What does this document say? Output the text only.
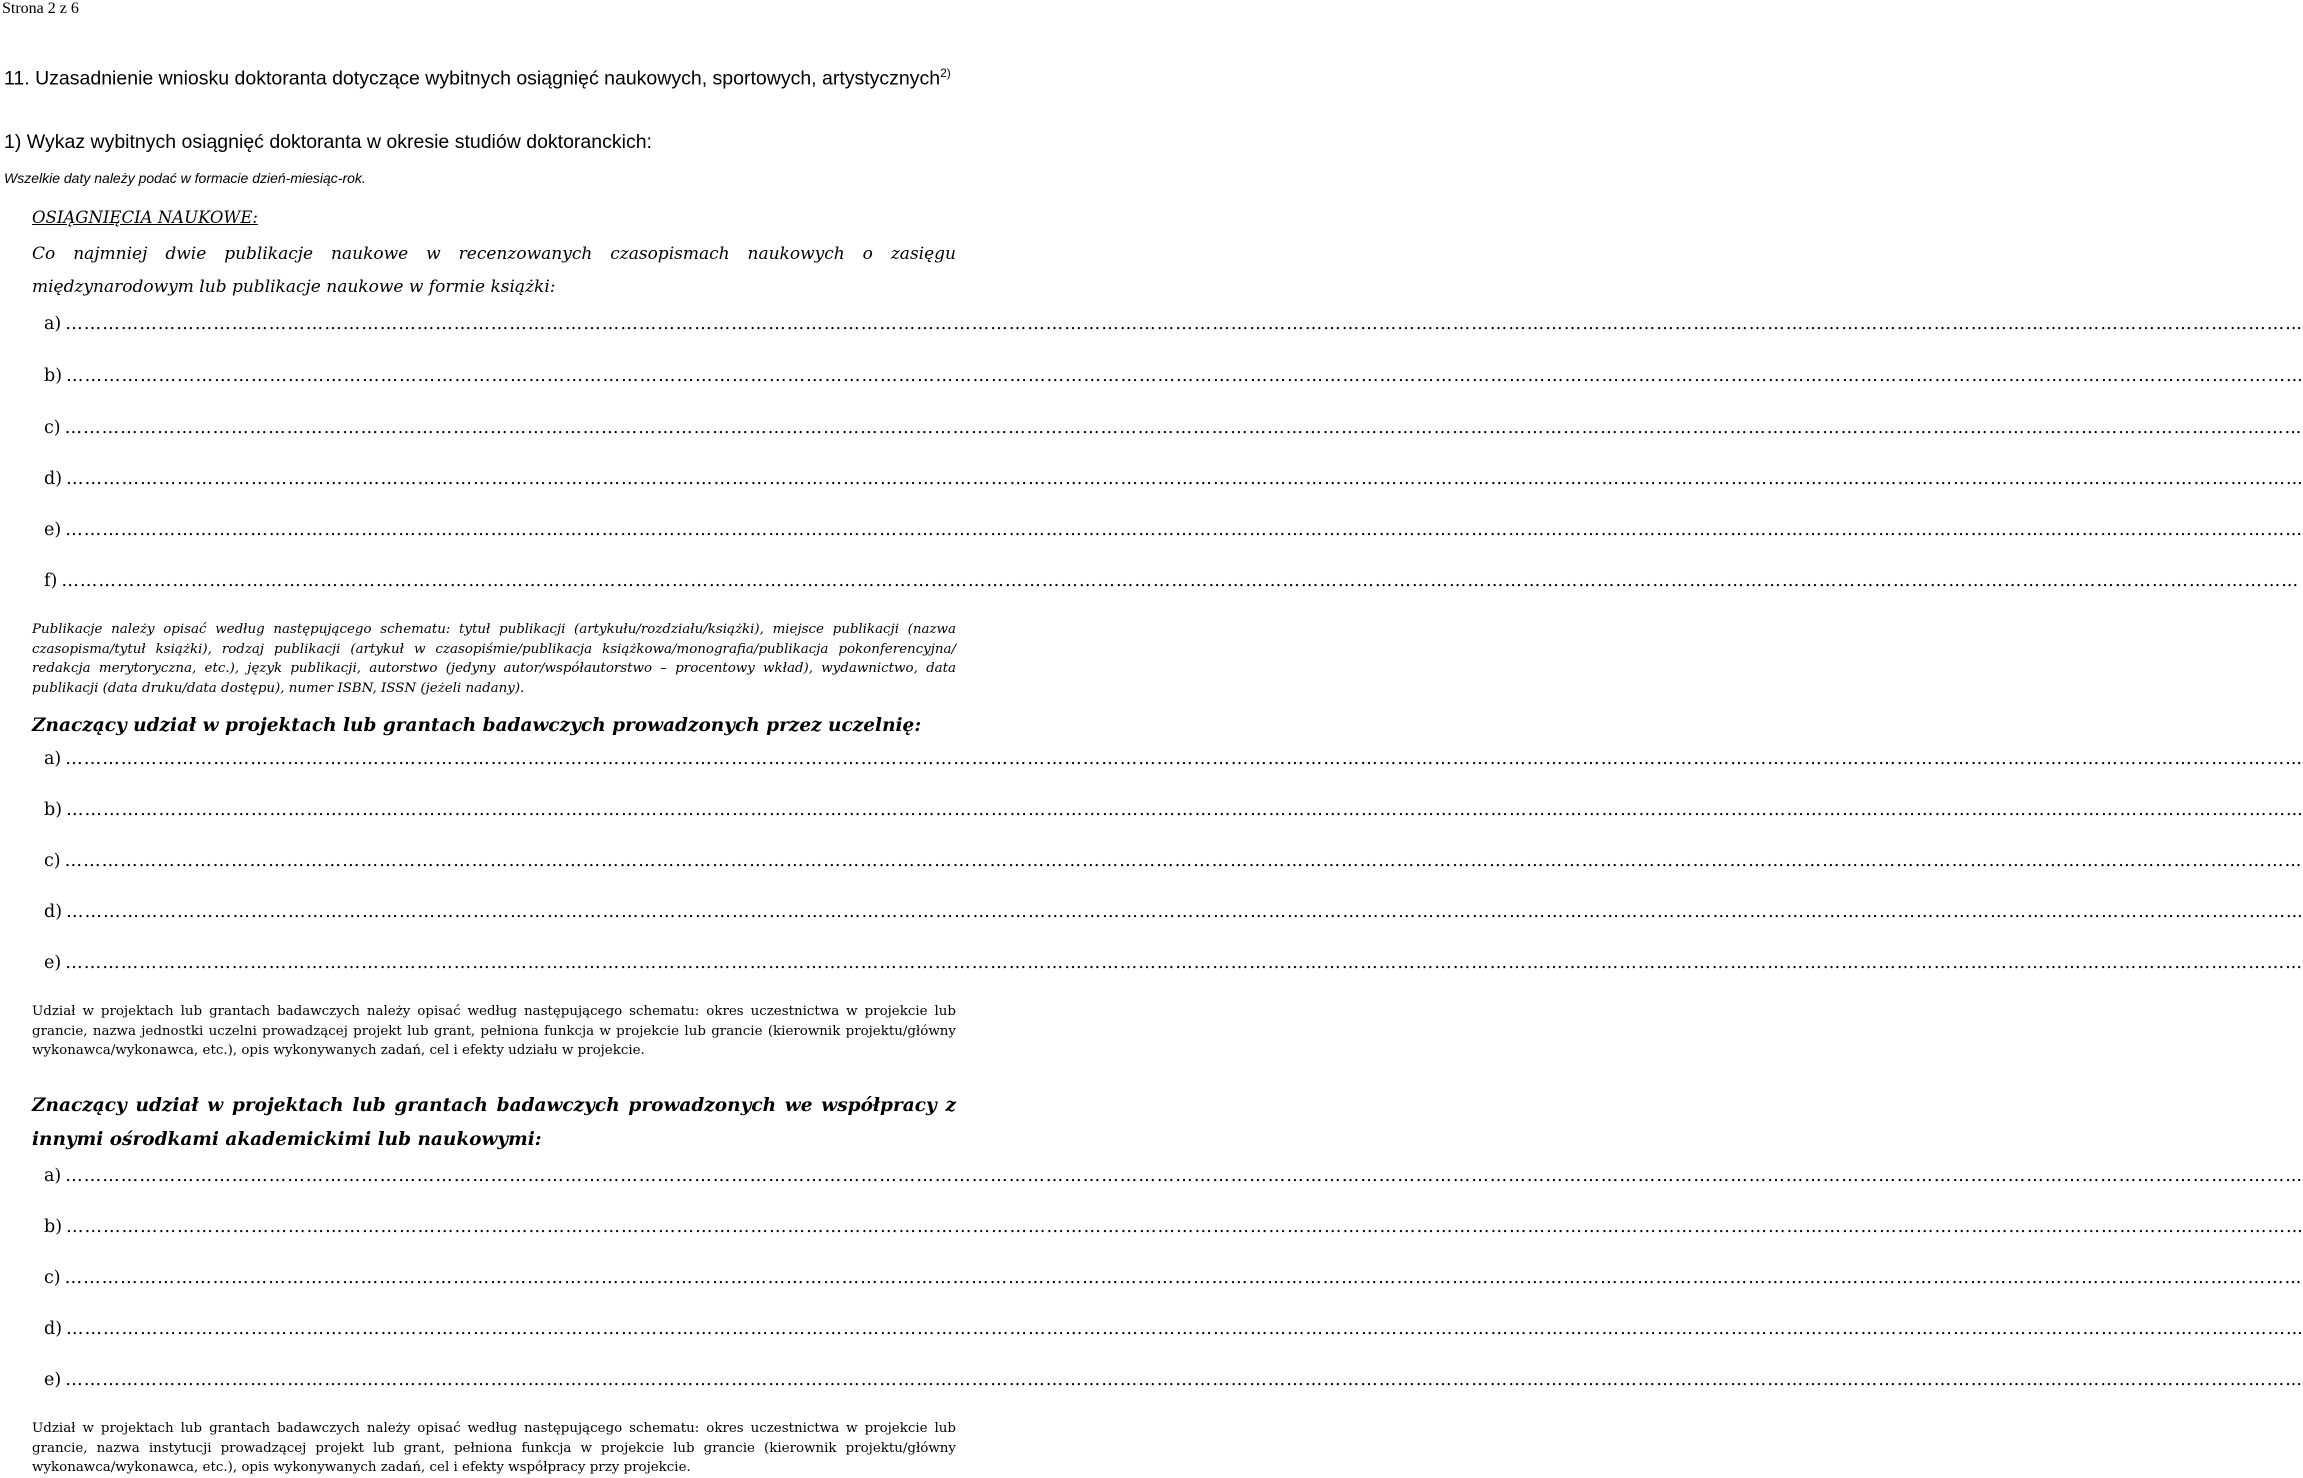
Strona 2 z 6
11. Uzasadnienie wniosku doktoranta dotyczące wybitnych osiągnięć naukowych, sportowych, artystycznych$^{2)}$
1) Wykaz wybitnych osiągnięć doktoranta w okresie studiów doktoranckich:
Wszelkie daty należy podać w formacie dzień-miesiąc-rok.
OSIĄGNIĘCIA NAUKOWE:
Co najmniej dwie publikacje naukowe w recenzowanych czasopismach naukowych o zasięgu międzynarodowym lub publikacje naukowe w formie książki:
a) ……………………………………………………………………………………………………………………………………………………………………………………………………………………………………………………………………………………………………………………………… ...
b) ……………………………………………………………………………………………………………………………………………………………………………………………………………………………………………………………………………………………………………………………… ...
c) ……………………………………………………………………………………………………………………………………………………………………………………………………………………………………………………………………………………………………………………………… ...
d) ……………………………………………………………………………………………………………………………………………………………………………………………………………………………………………………………………………………………………………………………… ...
e) ……………………………………………………………………………………………………………………………………………………………………………………………………………………………………………………………………………………………………………………………… ...
f) ……………………………………………………………………………………………………………………………………………………………………………………………………………………………………………………………………………………………………………………………… ...
Publikacje należy opisać według następującego schematu: tytuł publikacji (artykułu/rozdziału/książki), miejsce publikacji (nazwa czasopisma/tytuł książki), rodzaj publikacji (artykuł w czasopiśmie/publikacja książkowa/monografia/publikacja pokonferencyjna/ redakcja merytoryczna, etc.), język publikacji, autorstwo (jedyny autor/współautorstwo – procentowy wkład), wydawnictwo, data publikacji (data druku/data dostępu), numer ISBN, ISSN (jeżeli nadany).
Znaczący udział w projektach lub grantach badawczych prowadzonych przez uczelnię:
a) ……………………………………………………………………………………………………………………………………………………………………………………………………………………………………………………………………………………………………………………………… ...
b) ……………………………………………………………………………………………………………………………………………………………………………………………………………………………………………………………………………………………………………………………… ...
c) ……………………………………………………………………………………………………………………………………………………………………………………………………………………………………………………………………………………………………………………………… ...
d) ……………………………………………………………………………………………………………………………………………………………………………………………………………………………………………………………………………………………………………………………… ...
e) ……………………………………………………………………………………………………………………………………………………………………………………………………………………………………………………………………………………………………………………………… ...
Udział w projektach lub grantach badawczych należy opisać według następującego schematu: okres uczestnictwa w projekcie lub grancie, nazwa jednostki uczelni prowadzącej projekt lub grant, pełniona funkcja w projekcie lub grancie (kierownik projektu/główny wykonawca/wykonawca, etc.), opis wykonywanych zadań, cel i efekty udziału w projekcie.
Znaczący udział w projektach lub grantach badawczych prowadzonych we współpracy z innymi ośrodkami akademickimi lub naukowymi:
a) ……………………………………………………………………………………………………………………………………………………………………………………………………………………………………………………………………………………………………………………………… ...
b) ……………………………………………………………………………………………………………………………………………………………………………………………………………………………………………………………………………………………………………………………… ...
c) ……………………………………………………………………………………………………………………………………………………………………………………………………………………………………………………………………………………………………………………………… ...
d) ……………………………………………………………………………………………………………………………………………………………………………………………………………………………………………………………………………………………………………………………… ...
e) ……………………………………………………………………………………………………………………………………………………………………………………………………………………………………………………………………………………………………………………………… ...
Udział w projektach lub grantach badawczych należy opisać według następującego schematu: okres uczestnictwa w projekcie lub grancie, nazwa instytucji prowadzącej projekt lub grant, pełniona funkcja w projekcie lub grancie (kierownik projektu/główny wykonawca/wykonawca, etc.), opis wykonywanych zadań, cel i efekty współpracy przy projekcie.
